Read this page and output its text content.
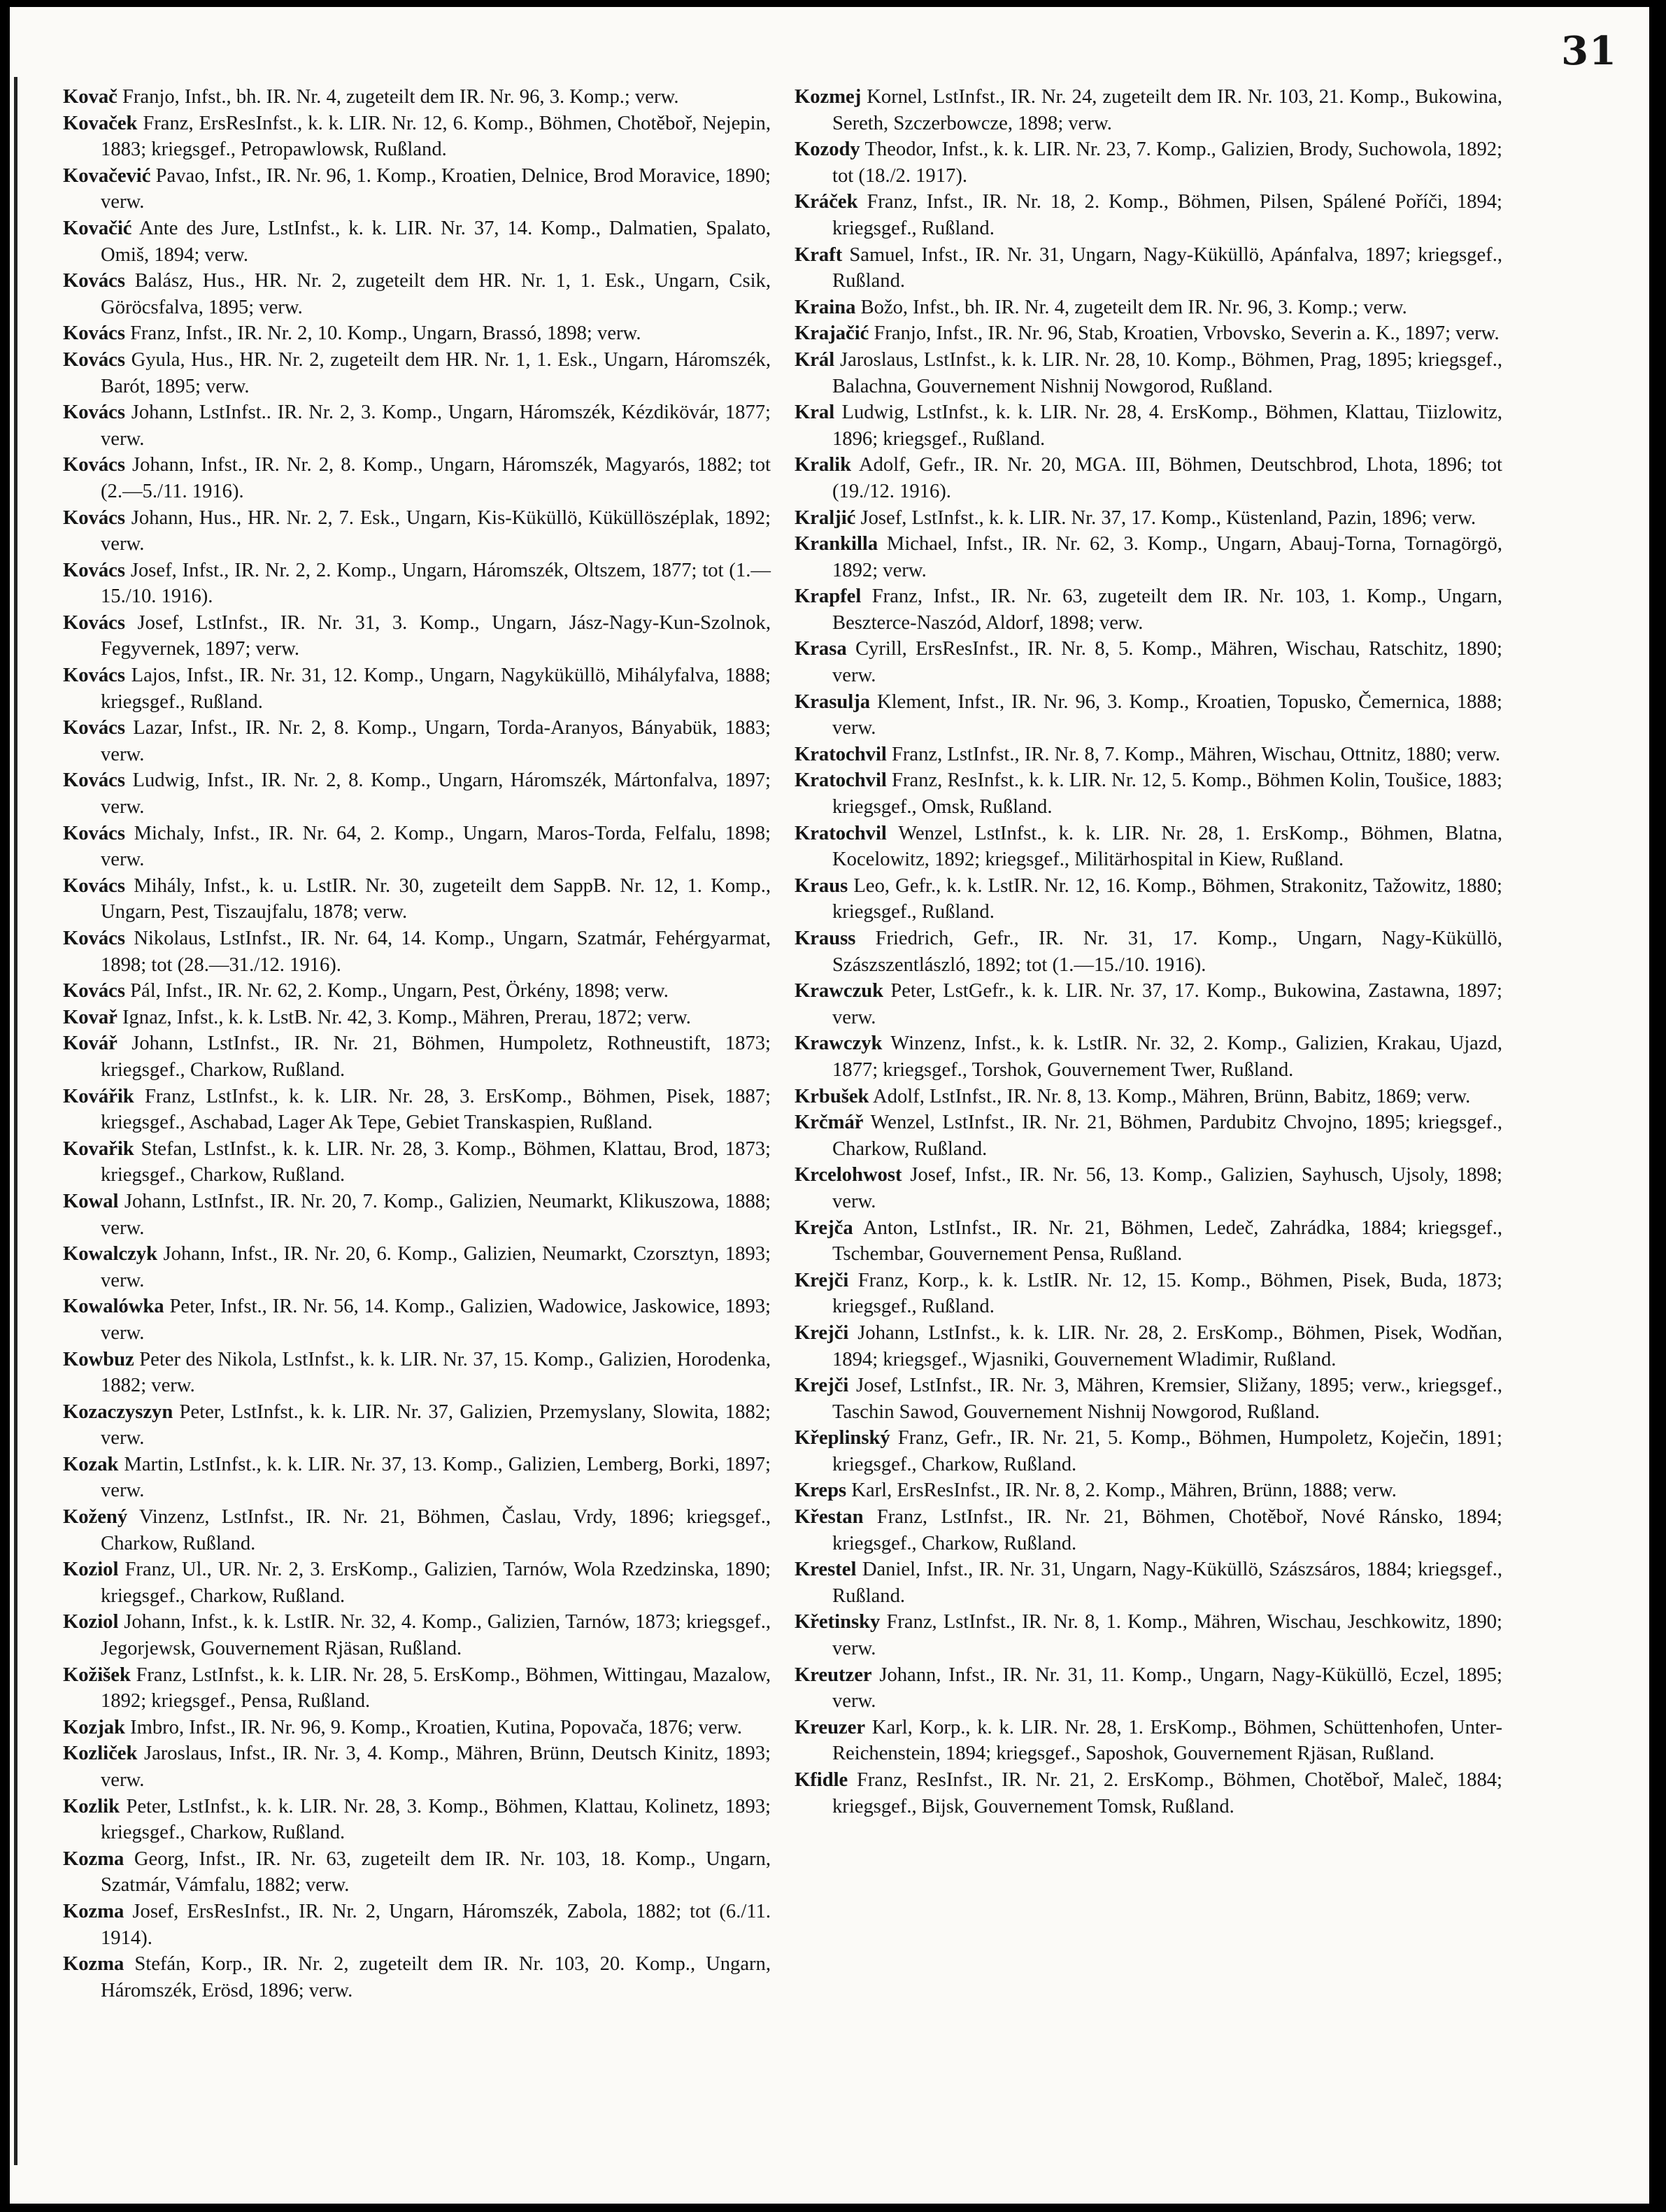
31
Kovač Franjo, Infst., bh. IR. Nr. 4, zugeteilt dem IR. Nr. 96, 3. Komp.; verw.
Kovaček Franz, ErsResInfst., k. k. LIR. Nr. 12, 6. Komp., Böhmen, Chotěboř, Nejepin, 1883; kriegsgef., Petropawlowsk, Rußland.
Kovačević Pavao, Infst., IR. Nr. 96, 1. Komp., Kroatien, Delnice, Brod Moravice, 1890; verw.
Kovačić Ante des Jure, LstInfst., k. k. LIR. Nr. 37, 14. Komp., Dalmatien, Spalato, Omiš, 1894; verw.
Kovács Balász, Hus., HR. Nr. 2, zugeteilt dem HR. Nr. 1, 1. Esk., Ungarn, Csik, Göröcsfalva, 1895; verw.
Kovács Franz, Infst., IR. Nr. 2, 10. Komp., Ungarn, Brassó, 1898; verw.
Kovács Gyula, Hus., HR. Nr. 2, zugeteilt dem HR. Nr. 1, 1. Esk., Ungarn, Háromszék, Barót, 1895; verw.
Kovács Johann, LstInfst.. IR. Nr. 2, 3. Komp., Ungarn, Háromszék, Kézdikövár, 1877; verw.
Kovács Johann, Infst., IR. Nr. 2, 8. Komp., Ungarn, Háromszék, Magyarós, 1882; tot (2.—5./11. 1916).
Kovács Johann, Hus., HR. Nr. 2, 7. Esk., Ungarn, Kis-Küküllö, Küküllöszéplak, 1892; verw.
Kovács Josef, Infst., IR. Nr. 2, 2. Komp., Ungarn, Háromszék, Oltszem, 1877; tot (1.—15./10. 1916).
Kovács Josef, LstInfst., IR. Nr. 31, 3. Komp., Ungarn, Jász-Nagy-Kun-Szolnok, Fegyvernek, 1897; verw.
Kovács Lajos, Infst., IR. Nr. 31, 12. Komp., Ungarn, Nagyküküllö, Mihályfalva, 1888; kriegsgef., Rußland.
Kovács Lazar, Infst., IR. Nr. 2, 8. Komp., Ungarn, Torda-Aranyos, Bányabük, 1883; verw.
Kovács Ludwig, Infst., IR. Nr. 2, 8. Komp., Ungarn, Háromszék, Mártonfalva, 1897; verw.
Kovács Michaly, Infst., IR. Nr. 64, 2. Komp., Ungarn, Maros-Torda, Felfalu, 1898; verw.
Kovács Mihály, Infst., k. u. LstIR. Nr. 30, zugeteilt dem SappB. Nr. 12, 1. Komp., Ungarn, Pest, Tiszaujfalu, 1878; verw.
Kovács Nikolaus, LstInfst., IR. Nr. 64, 14. Komp., Ungarn, Szatmár, Fehérgyarmat, 1898; tot (28.—31./12. 1916).
Kovács Pál, Infst., IR. Nr. 62, 2. Komp., Ungarn, Pest, Örkény, 1898; verw.
Kovař Ignaz, Infst., k. k. LstB. Nr. 42, 3. Komp., Mähren, Prerau, 1872; verw.
Kovář Johann, LstInfst., IR. Nr. 21, Böhmen, Humpoletz, Rothneustift, 1873; kriegsgef., Charkow, Rußland.
Kovářik Franz, LstInfst., k. k. LIR. Nr. 28, 3. ErsKomp., Böhmen, Pisek, 1887; kriegsgef., Aschabad, Lager Ak Tepe, Gebiet Transkaspien, Rußland.
Kovařik Stefan, LstInfst., k. k. LIR. Nr. 28, 3. Komp., Böhmen, Klattau, Brod, 1873; kriegsgef., Charkow, Rußland.
Kowal Johann, LstInfst., IR. Nr. 20, 7. Komp., Galizien, Neumarkt, Klikuszowa, 1888; verw.
Kowalczyk Johann, Infst., IR. Nr. 20, 6. Komp., Galizien, Neumarkt, Czorsztyn, 1893; verw.
Kowalówka Peter, Infst., IR. Nr. 56, 14. Komp., Galizien, Wadowice, Jaskowice, 1893; verw.
Kowbuz Peter des Nikola, LstInfst., k. k. LIR. Nr. 37, 15. Komp., Galizien, Horodenka, 1882; verw.
Kozaczyszyn Peter, LstInfst., k. k. LIR. Nr. 37, Galizien, Przemyslany, Slowita, 1882; verw.
Kozak Martin, LstInfst., k. k. LIR. Nr. 37, 13. Komp., Galizien, Lemberg, Borki, 1897; verw.
Kožený Vinzenz, LstInfst., IR. Nr. 21, Böhmen, Časlau, Vrdy, 1896; kriegsgef., Charkow, Rußland.
Koziol Franz, Ul., UR. Nr. 2, 3. ErsKomp., Galizien, Tarnów, Wola Rzedzinska, 1890; kriegsgef., Charkow, Rußland.
Koziol Johann, Infst., k. k. LstIR. Nr. 32, 4. Komp., Galizien, Tarnów, 1873; kriegsgef., Jegorjewsk, Gouvernement Rjäsan, Rußland.
Kožišek Franz, LstInfst., k. k. LIR. Nr. 28, 5. ErsKomp., Böhmen, Wittingau, Mazalow, 1892; kriegsgef., Pensa, Rußland.
Kozjak Imbro, Infst., IR. Nr. 96, 9. Komp., Kroatien, Kutina, Popovača, 1876; verw.
Kozliček Jaroslaus, Infst., IR. Nr. 3, 4. Komp., Mähren, Brünn, Deutsch Kinitz, 1893; verw.
Kozlik Peter, LstInfst., k. k. LIR. Nr. 28, 3. Komp., Böhmen, Klattau, Kolinetz, 1893; kriegsgef., Charkow, Rußland.
Kozma Georg, Infst., IR. Nr. 63, zugeteilt dem IR. Nr. 103, 18. Komp., Ungarn, Szatmár, Vámfalu, 1882; verw.
Kozma Josef, ErsResInfst., IR. Nr. 2, Ungarn, Háromszék, Zabola, 1882; tot (6./11. 1914).
Kozma Stefán, Korp., IR. Nr. 2, zugeteilt dem IR. Nr. 103, 20. Komp., Ungarn, Háromszék, Erösd, 1896; verw.
Kozmej Kornel, LstInfst., IR. Nr. 24, zugeteilt dem IR. Nr. 103, 21. Komp., Bukowina, Sereth, Szczerbowcze, 1898; verw.
Kozody Theodor, Infst., k. k. LIR. Nr. 23, 7. Komp., Galizien, Brody, Suchowola, 1892; tot (18./2. 1917).
Kráček Franz, Infst., IR. Nr. 18, 2. Komp., Böhmen, Pilsen, Spálené Poříči, 1894; kriegsgef., Rußland.
Kraft Samuel, Infst., IR. Nr. 31, Ungarn, Nagy-Küküllö, Apánfalva, 1897; kriegsgef., Rußland.
Kraina Božo, Infst., bh. IR. Nr. 4, zugeteilt dem IR. Nr. 96, 3. Komp.; verw.
Krajačić Franjo, Infst., IR. Nr. 96, Stab, Kroatien, Vrbovsko, Severin a. K., 1897; verw.
Král Jaroslaus, LstInfst., k. k. LIR. Nr. 28, 10. Komp., Böhmen, Prag, 1895; kriegsgef., Balachna, Gouvernement Nishnij Nowgorod, Rußland.
Kral Ludwig, LstInfst., k. k. LIR. Nr. 28, 4. ErsKomp., Böhmen, Klattau, Tiizlowitz, 1896; kriegsgef., Rußland.
Kralik Adolf, Gefr., IR. Nr. 20, MGA. III, Böhmen, Deutschbrod, Lhota, 1896; tot (19./12. 1916).
Kraljić Josef, LstInfst., k. k. LIR. Nr. 37, 17. Komp., Küstenland, Pazin, 1896; verw.
Krankilla Michael, Infst., IR. Nr. 62, 3. Komp., Ungarn, Abauj-Torna, Tornagörgö, 1892; verw.
Krapfel Franz, Infst., IR. Nr. 63, zugeteilt dem IR. Nr. 103, 1. Komp., Ungarn, Beszterce-Naszód, Aldorf, 1898; verw.
Krasa Cyrill, ErsResInfst., IR. Nr. 8, 5. Komp., Mähren, Wischau, Ratschitz, 1890; verw.
Krasulja Klement, Infst., IR. Nr. 96, 3. Komp., Kroatien, Topusko, Čemernica, 1888; verw.
Kratochvil Franz, LstInfst., IR. Nr. 8, 7. Komp., Mähren, Wischau, Ottnitz, 1880; verw.
Kratochvil Franz, ResInfst., k. k. LIR. Nr. 12, 5. Komp., Böhmen Kolin, Toušice, 1883; kriegsgef., Omsk, Rußland.
Kratochvil Wenzel, LstInfst., k. k. LIR. Nr. 28, 1. ErsKomp., Böhmen, Blatna, Kocelowitz, 1892; kriegsgef., Militärhospital in Kiew, Rußland.
Kraus Leo, Gefr., k. k. LstIR. Nr. 12, 16. Komp., Böhmen, Strakonitz, Tažowitz, 1880; kriegsgef., Rußland.
Krauss Friedrich, Gefr., IR. Nr. 31, 17. Komp., Ungarn, Nagy-Küküllö, Szászszentlászló, 1892; tot (1.—15./10. 1916).
Krawczuk Peter, LstGefr., k. k. LIR. Nr. 37, 17. Komp., Bukowina, Zastawna, 1897; verw.
Krawczyk Winzenz, Infst., k. k. LstIR. Nr. 32, 2. Komp., Galizien, Krakau, Ujazd, 1877; kriegsgef., Torshok, Gouvernement Twer, Rußland.
Krbušek Adolf, LstInfst., IR. Nr. 8, 13. Komp., Mähren, Brünn, Babitz, 1869; verw.
Krčmář Wenzel, LstInfst., IR. Nr. 21, Böhmen, Pardubitz Chvojno, 1895; kriegsgef., Charkow, Rußland.
Krcelohwost Josef, Infst., IR. Nr. 56, 13. Komp., Galizien, Sayhusch, Ujsoly, 1898; verw.
Krejča Anton, LstInfst., IR. Nr. 21, Böhmen, Ledeč, Zahrádka, 1884; kriegsgef., Tschembar, Gouvernement Pensa, Rußland.
Krejči Franz, Korp., k. k. LstIR. Nr. 12, 15. Komp., Böhmen, Pisek, Buda, 1873; kriegsgef., Rußland.
Krejči Johann, LstInfst., k. k. LIR. Nr. 28, 2. ErsKomp., Böhmen, Pisek, Wodňan, 1894; kriegsgef., Wjasniki, Gouvernement Wladimir, Rußland.
Krejči Josef, LstInfst., IR. Nr. 3, Mähren, Kremsier, Sližany, 1895; verw., kriegsgef., Taschin Sawod, Gouvernement Nishnij Nowgorod, Rußland.
Křeplinský Franz, Gefr., IR. Nr. 21, 5. Komp., Böhmen, Humpoletz, Koječin, 1891; kriegsgef., Charkow, Rußland.
Kreps Karl, ErsResInfst., IR. Nr. 8, 2. Komp., Mähren, Brünn, 1888; verw.
Křestan Franz, LstInfst., IR. Nr. 21, Böhmen, Chotěboř, Nové Ránsko, 1894; kriegsgef., Charkow, Rußland.
Krestel Daniel, Infst., IR. Nr. 31, Ungarn, Nagy-Küküllö, Szászsáros, 1884; kriegsgef., Rußland.
Křetinsky Franz, LstInfst., IR. Nr. 8, 1. Komp., Mähren, Wischau, Jeschkowitz, 1890; verw.
Kreutzer Johann, Infst., IR. Nr. 31, 11. Komp., Ungarn, Nagy-Küküllö, Eczel, 1895; verw.
Kreuzer Karl, Korp., k. k. LIR. Nr. 28, 1. ErsKomp., Böhmen, Schüttenhofen, Unter-Reichenstein, 1894; kriegsgef., Saposhok, Gouvernement Rjäsan, Rußland.
Kfidle Franz, ResInfst., IR. Nr. 21, 2. ErsKomp., Böhmen, Chotěboř, Maleč, 1884; kriegsgef., Bijsk, Gouvernement Tomsk, Rußland.
